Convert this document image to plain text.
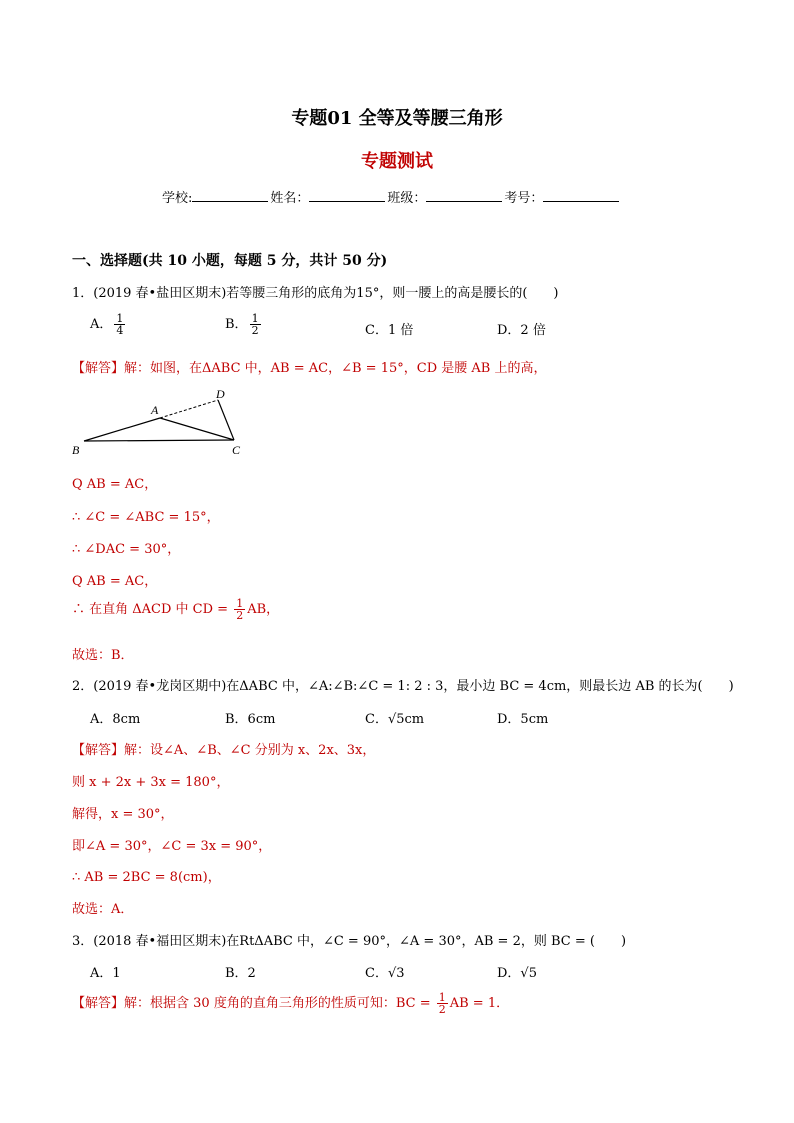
专题01 全等及等腰三角形
专题测试
学校:	姓名：	班级：	考号：
一、选择题(共 10 小题，每题 5 分，共计 50 分)
1．(2019 春•盐田区期末)若等腰三角形的底角为15°，则一腰上的高是腰长的(　　)
A． $\frac{1}{4}$	B． $\frac{1}{2}$	C．1 倍	D．2 倍
【解答】解：如图，在ΔABC 中，AB = AC，∠B = 15°，CD 是腰 AB 上的高，
A
B	C
D
Q AB = AC，
∴ ∠C = ∠ABC = 15°，
∴ ∠DAC = 30°，
Q AB = AC，
∴ 在直角 ΔACD 中 CD = $\frac{1}{2}$ AB，
故选：B．
2．(2019 春•龙岗区期中)在ΔABC 中，∠A:∠B:∠C = 1: 2 : 3，最小边 BC = 4cm，则最长边 AB 的长为(　　)
A．8cm	B．6cm	C．√5cm	D．5cm
【解答】解：设∠A、∠B、∠C 分别为 x、2x、3x，
则 x + 2x + 3x = 180°，
解得，x = 30°，
即∠A = 30°，∠C = 3x = 90°，
∴ AB = 2BC = 8(cm)，
故选：A．
3．(2018 春•福田区期末)在RtΔABC 中，∠C = 90°，∠A = 30°，AB = 2，则 BC = (　　)
A．1	B．2	C．√3	D．√5
【解答】解：根据含 30 度角的直角三角形的性质可知：BC = $\frac{1}{2}$ AB = 1．
